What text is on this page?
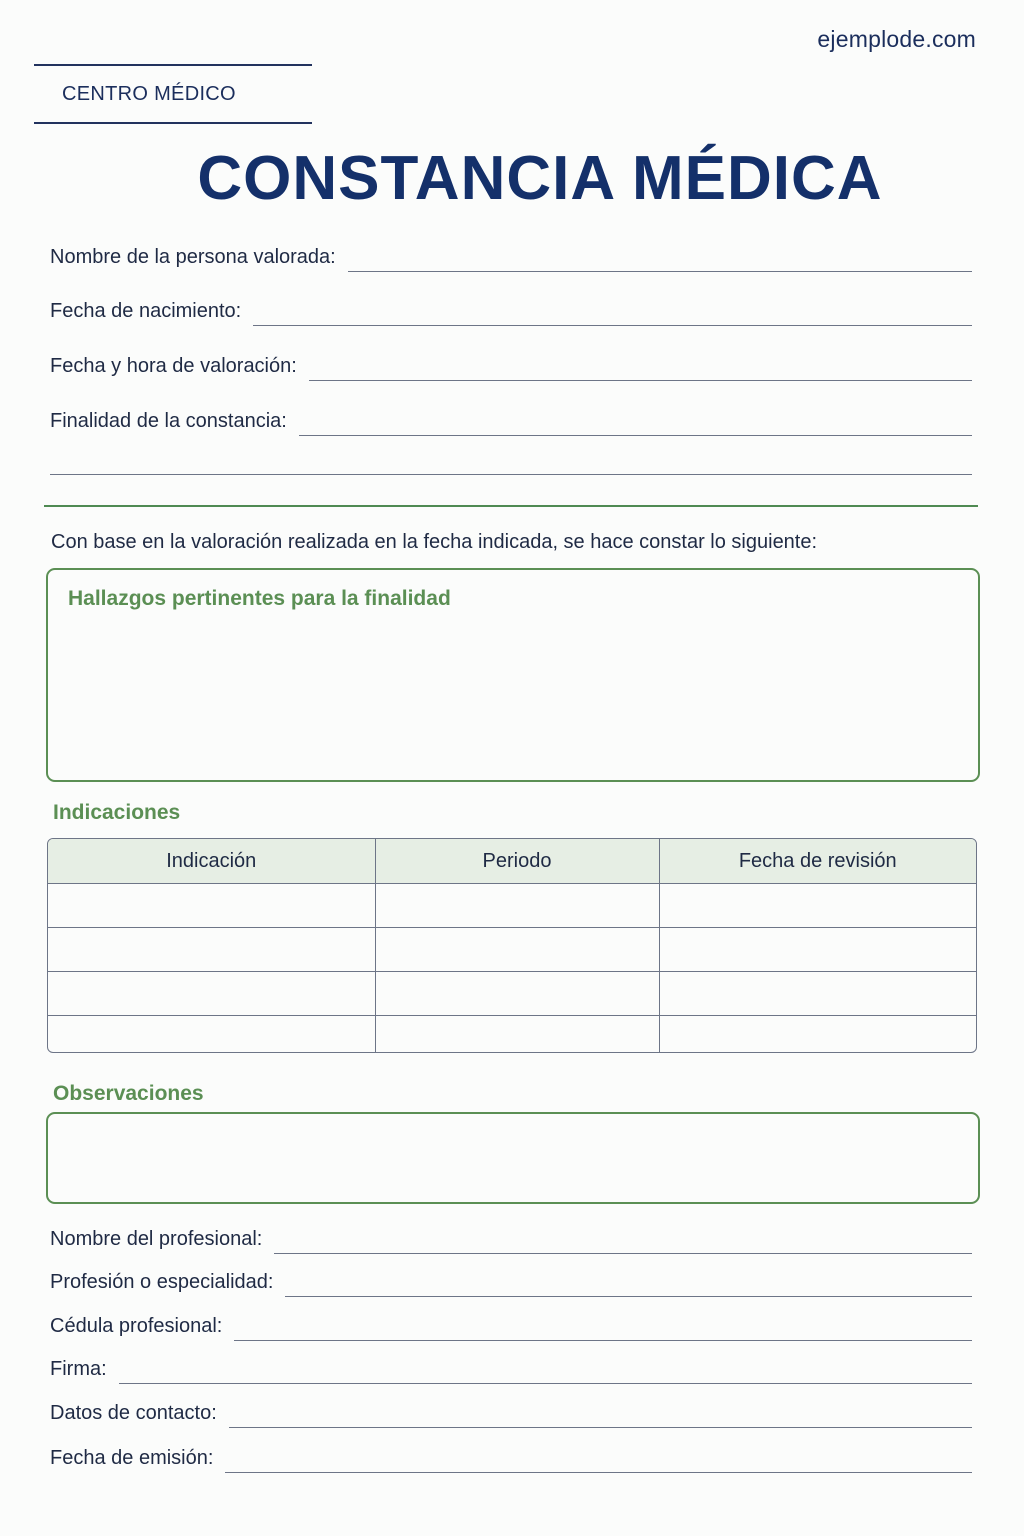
ejemplode.com
CENTRO MÉDICO
CONSTANCIA MÉDICA
Nombre de la persona valorada:
Fecha de nacimiento:
Fecha y hora de valoración:
Finalidad de la constancia:
Con base en la valoración realizada en la fecha indicada, se hace constar lo siguiente:
Hallazgos pertinentes para la finalidad
Indicaciones
Indicación	Periodo	Fecha de revisión

Observaciones
Nombre del profesional:
Profesión o especialidad:
Cédula profesional:
Firma:
Datos de contacto:
Fecha de emisión:
